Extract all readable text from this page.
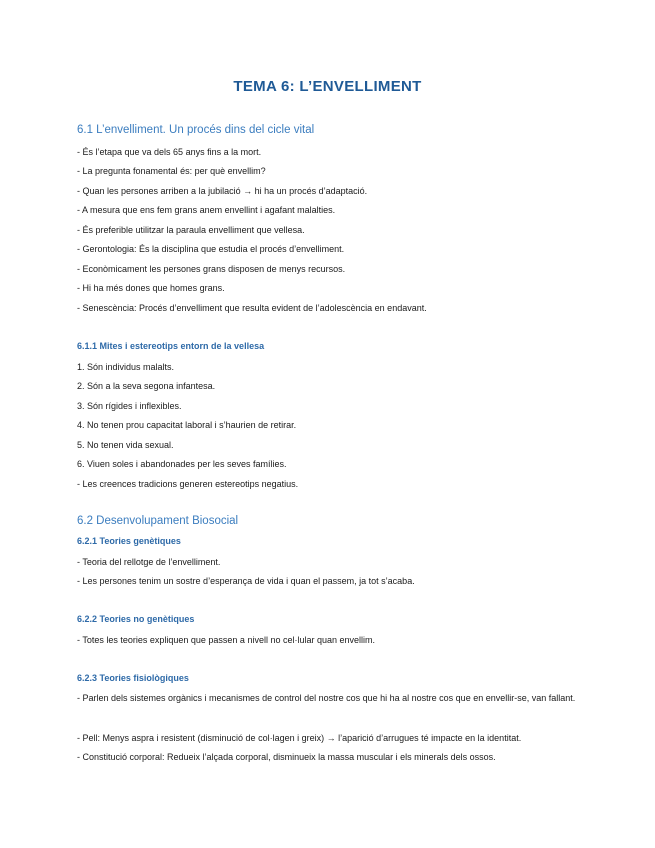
TEMA 6: L’ENVELLIMENT
6.1 L’envelliment. Un procés dins del cicle vital

- És l’etapa que va dels 65 anys fins a la mort.

- La pregunta fonamental és: per què envellim?

- Quan les persones arriben a la jubilació → hi ha un procés d’adaptació.

- A mesura que ens fem grans anem envellint i agafant malalties.

- És preferible utilitzar la paraula envelliment que vellesa.

- Gerontologia: És la disciplina que estudia el procés d’envelliment.

- Econòmicament les persones grans disposen de menys recursos.

- Hi ha més dones que homes grans.

- Senescència: Procés d’envelliment que resulta evident de l’adolescència en endavant.

6.1.1 Mites i estereotips entorn de la vellesa

1. Són individus malalts.

2. Són a la seva segona infantesa.

3. Són rígides i inflexibles.

4. No tenen prou capacitat laboral i s’haurien de retirar.

5. No tenen vida sexual.

6. Viuen soles i abandonades per les seves famílies.

- Les creences tradicions generen estereotips negatius.

6.2 Desenvolupament Biosocial
6.2.1 Teories genètiques

- Teoria del rellotge de l’envelliment.

- Les persones tenim un sostre d’esperança de vida i quan el passem, ja tot s’acaba.

6.2.2 Teories no genètiques

- Totes les teories expliquen que passen a nivell no cel·lular quan envellim.

6.2.3 Teories fisiològiques

- Parlen dels sistemes orgànics i mecanismes de control del nostre cos que hi ha al nostre cos que en envellir-se, van fallant.

- Pell: Menys aspra i resistent (disminució de col·lagen i greix) → l’aparició d’arrugues té impacte en la identitat.

- Constitució corporal: Redueix l’alçada corporal, disminueix la massa muscular i els minerals dels ossos.
